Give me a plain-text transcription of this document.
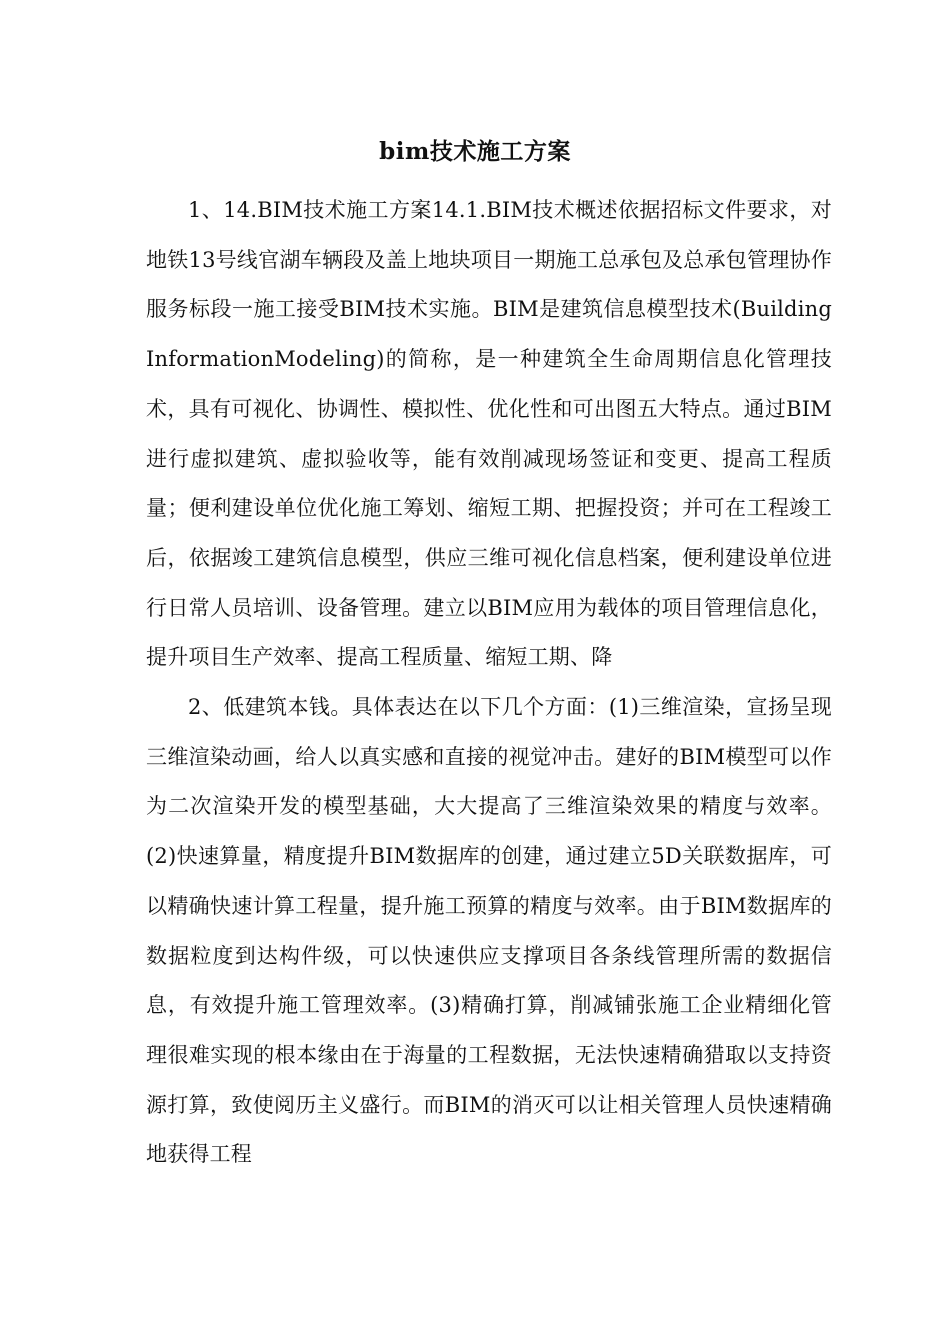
bim技术施工方案

1、14.BIM技术施工方案14.1.BIM技术概述依据招标文件要求，对地铁13号线官湖车辆段及盖上地块项目一期施工总承包及总承包管理协作服务标段一施工接受BIM技术实施。BIM是建筑信息模型技术(BuildingInformationModeling)的简称，是一种建筑全生命周期信息化管理技术，具有可视化、协调性、模拟性、优化性和可出图五大特点。通过BIM进行虚拟建筑、虚拟验收等，能有效削减现场签证和变更、提高工程质量；便利建设单位优化施工筹划、缩短工期、把握投资；并可在工程竣工后，依据竣工建筑信息模型，供应三维可视化信息档案，便利建设单位进行日常人员培训、设备管理。建立以BIM应用为载体的项目管理信息化，提升项目生产效率、提高工程质量、缩短工期、降

2、低建筑本钱。具体表达在以下几个方面：(1)三维渲染，宣扬呈现三维渲染动画，给人以真实感和直接的视觉冲击。建好的BIM模型可以作为二次渲染开发的模型基础，大大提高了三维渲染效果的精度与效率。(2)快速算量，精度提升BIM数据库的创建，通过建立5D关联数据库，可以精确快速计算工程量，提升施工预算的精度与效率。由于BIM数据库的数据粒度到达构件级，可以快速供应支撑项目各条线管理所需的数据信息，有效提升施工管理效率。(3)精确打算，削减铺张施工企业精细化管理很难实现的根本缘由在于海量的工程数据，无法快速精确猎取以支持资源打算，致使阅历主义盛行。而BIM的消灭可以让相关管理人员快速精确地获得工程
